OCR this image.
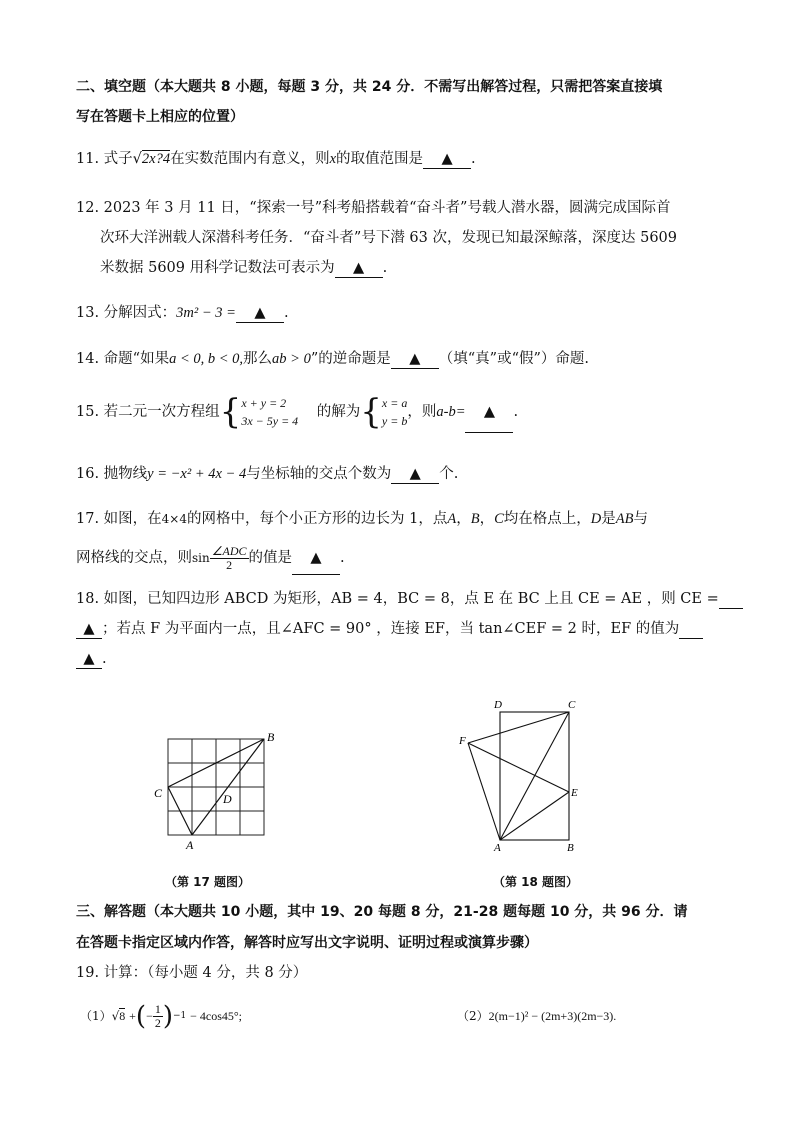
二、填空题（本大题共 8 小题，每题 3 分，共 24 分．不需写出解答过程，只需把答案直接填
写在答题卡上相应的位置）
11. 式子√2x?4在实数范围内有意义，则x的取值范围是 ▲ .
12. 2023 年 3 月 11 日，“探索一号”科考船搭载着“奋斗者”号载人潜水器，圆满完成国际首
次环大洋洲载人深潜科考任务．“奋斗者”号下潜 63 次，发现已知最深鲸落，深度达 5609
米数据 5609 用科学记数法可表示为 ▲ .
13. 分解因式：3m² − 3 = ▲ .
14. 命题“如果a < 0, b < 0,那么ab > 0”的逆命题是 ▲ （填“真”或“假”）命题.
15. 若二元一次方程组{ x + y = 2
3x − 5y = 4
的解为{ x = a
y = b
，则a-b= ▲ .
16. 抛物线y = −x² + 4x − 4与坐标轴的交点个数为 ▲ 个.
17. 如图，在4×4的网格中，每个小正方形的边长为 1，点A，B，C均在格点上，D是AB与
网格线的交点，则$\sin \frac{\text{∠ADC}}{2}$ 的值是 ▲ .
18. 如图，已知四边形 ABCD 为矩形，AB = 4，BC = 8，点 E 在 BC 上且 CE = AE ，则 CE =
▲ ；若点 F 为平面内一点，且∠AFC = 90° ，连接 EF，当 tan∠CEF = 2 时，EF 的值为
▲ .
B
C	D
A
（第 17 题图）
D	C
F
E
A	B
（第 18 题图）
三、解答题（本大题共 10 小题，其中 19、20 每题 8 分，21-28 题每题 10 分，共 96 分．请
在答题卡指定区域内作答，解答时应写出文字说明、证明过程或演算步骤）
19. 计算：（每小题 4 分，共 8 分）
（1）√8 +(− $\frac{1}{2} )^{-1} - 4\cos 45^\circ$;	（2）2(m−1)² − (2m+3)(2m−3).
